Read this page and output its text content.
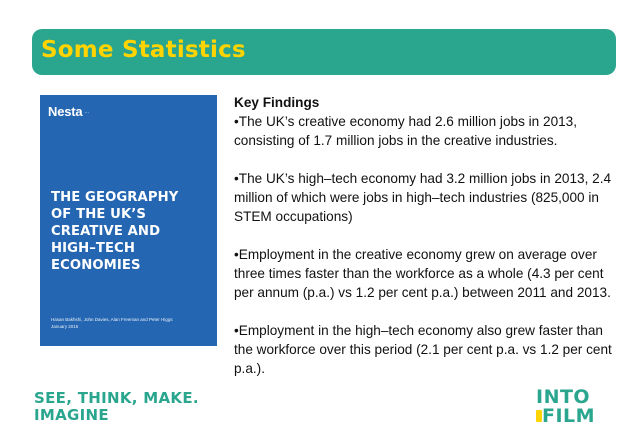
Some Statistics
Nesta ···
THE GEOGRAPHY
OF THE UK’S
CREATIVE AND
HIGH–TECH
ECONOMIES
Hasan Bakhshi, John Davies, Alan Freeman and Peter Higgs
January 2015

Key Findings

•The UK’s creative economy had 2.6 million jobs in 2013, consisting of 1.7 million jobs in the creative industries.

•The UK’s high–tech economy had 3.2 million jobs in 2013, 2.4 million of which were jobs in high–tech industries (825,000 in STEM occupations)

•Employment in the creative economy grew on average over three times faster than the workforce as a whole (4.3 per cent per annum (p.a.) vs 1.2 per cent p.a.) between 2011 and 2013.

•Employment in the high–tech economy also grew faster than the workforce over this period (2.1 per cent p.a. vs 1.2 per cent p.a.).

SEE, THINK, MAKE.
IMAGINE
INTO
FILM
